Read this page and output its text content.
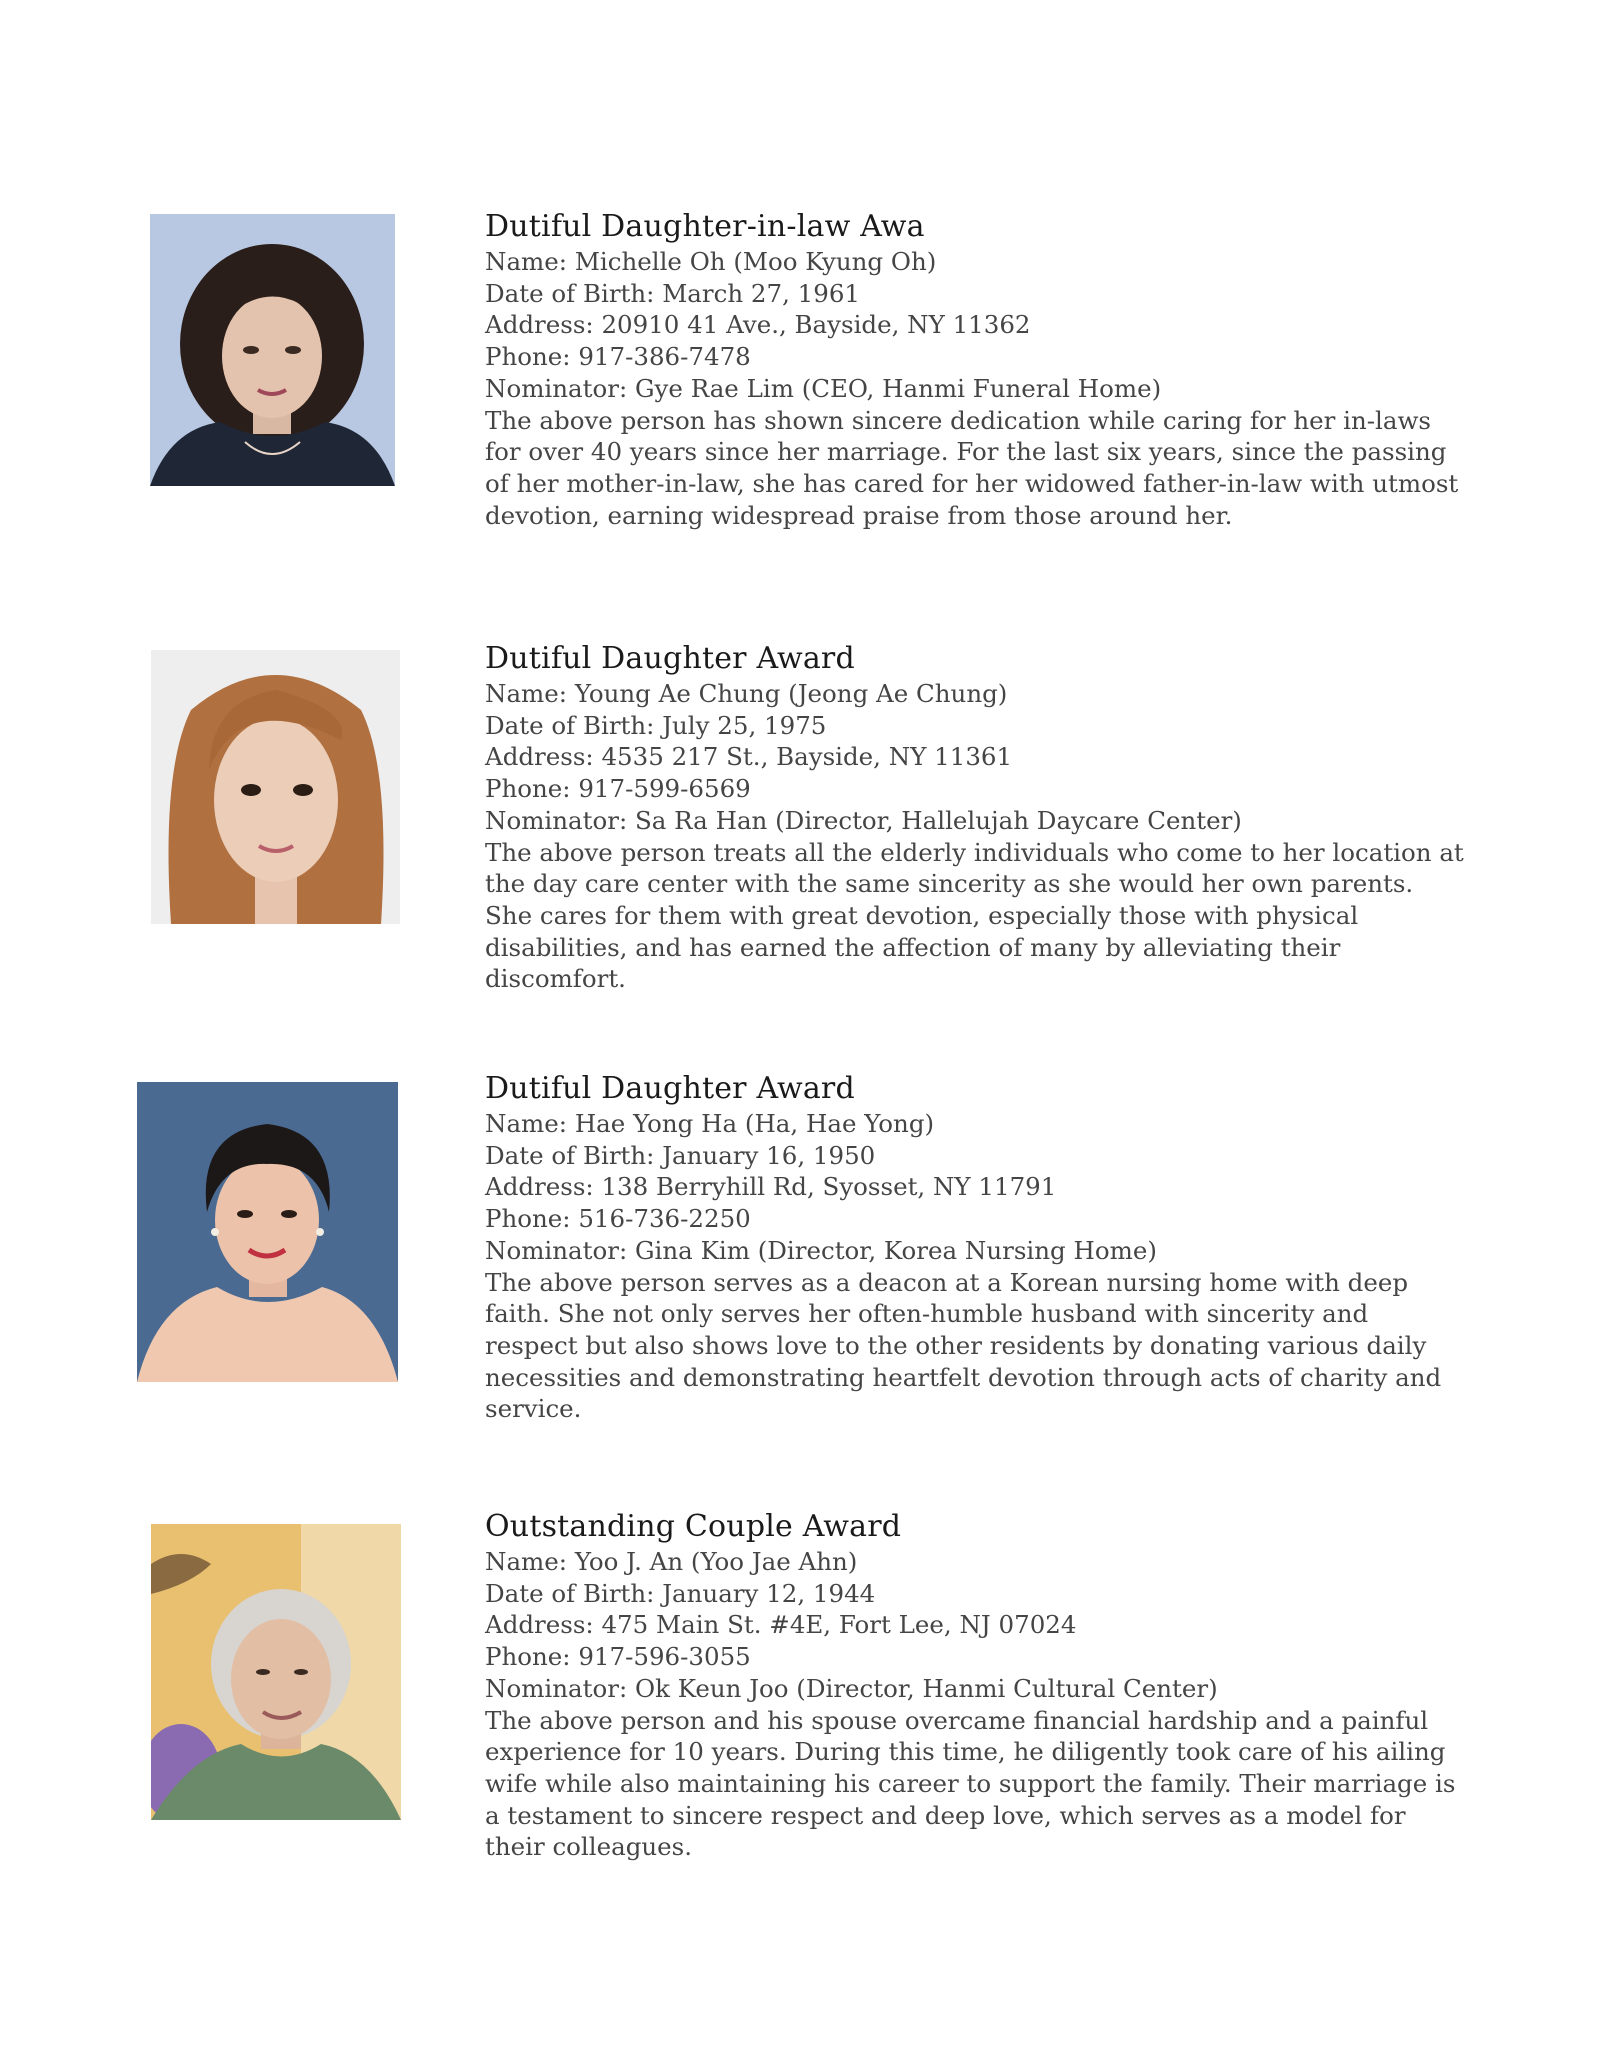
Dutiful Daughter-in-law Awa
Name: Michelle Oh (Moo Kyung Oh)
Date of Birth: March 27, 1961
Address: 20910 41 Ave., Bayside, NY 11362
Phone: 917-386-7478
Nominator: Gye Rae Lim (CEO, Hanmi Funeral Home)
The above person has shown sincere dedication while caring for her in-laws for over 40 years since her marriage. For the last six years, since the passing of her mother-in-law, she has cared for her widowed father-in-law with utmost devotion, earning widespread praise from those around her.
Dutiful Daughter Award
Name: Young Ae Chung (Jeong Ae Chung)
Date of Birth: July 25, 1975
Address: 4535 217 St., Bayside, NY 11361
Phone: 917-599-6569
Nominator: Sa Ra Han (Director, Hallelujah Daycare Center)
The above person treats all the elderly individuals who come to her location at the day care center with the same sincerity as she would her own parents. She cares for them with great devotion, especially those with physical disabilities, and has earned the affection of many by alleviating their discomfort.
Dutiful Daughter Award
Name: Hae Yong Ha (Ha, Hae Yong)
Date of Birth: January 16, 1950
Address: 138 Berryhill Rd, Syosset, NY 11791
Phone: 516-736-2250
Nominator: Gina Kim (Director, Korea Nursing Home)
The above person serves as a deacon at a Korean nursing home with deep faith. She not only serves her often-humble husband with sincerity and respect but also shows love to the other residents by donating various daily necessities and demonstrating heartfelt devotion through acts of charity and service.
Outstanding Couple Award
Name: Yoo J. An (Yoo Jae Ahn)
Date of Birth: January 12, 1944
Address: 475 Main St. #4E, Fort Lee, NJ 07024
Phone: 917-596-3055
Nominator: Ok Keun Joo (Director, Hanmi Cultural Center)
The above person and his spouse overcame financial hardship and a painful experience for 10 years. During this time, he diligently took care of his ailing wife while also maintaining his career to support the family. Their marriage is a testament to sincere respect and deep love, which serves as a model for their colleagues.
